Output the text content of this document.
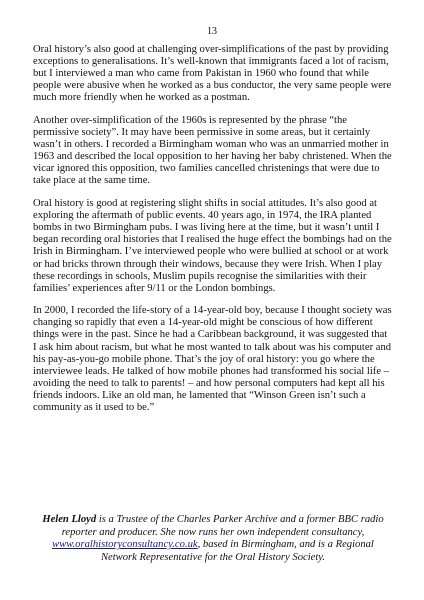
13

Oral history’s also good at challenging over-simplifications of the past by providing exceptions to generalisations. It’s well-known that immigrants faced a lot of racism, but I interviewed a man who came from Pakistan in 1960 who found that while people were abusive when he worked as a bus conductor, the very same people were much more friendly when he worked as a postman.

Another over-simplification of the 1960s is represented by the phrase “the permissive society”. It may have been permissive in some areas, but it certainly wasn’t in others. I recorded a Birmingham woman who was an unmarried mother in 1963 and described the local opposition to her having her baby christened. When the vicar ignored this opposition, two families cancelled christenings that were due to take place at the same time.

Oral history is good at registering slight shifts in social attitudes. It’s also good at exploring the aftermath of public events. 40 years ago, in 1974, the IRA planted bombs in two Birmingham pubs. I was living here at the time, but it wasn’t until I began recording oral histories that I realised the huge effect the bombings had on the Irish in Birmingham. I’ve interviewed people who were bullied at school or at work or had bricks thrown through their windows, because they were Irish. When I play these recordings in schools, Muslim pupils recognise the similarities with their families’ experiences after 9/11 or the London bombings.

In 2000, I recorded the life-story of a 14-year-old boy, because I thought society was changing so rapidly that even a 14-year-old might be conscious of how different things were in the past. Since he had a Caribbean background, it was suggested that I ask him about racism, but what he most wanted to talk about was his computer and his pay-as-you-go mobile phone. That’s the joy of oral history: you go where the interviewee leads. He talked of how mobile phones had transformed his social life – avoiding the need to talk to parents! – and how personal computers had kept all his friends indoors. Like an old man, he lamented that “Winson Green isn’t such a community as it used to be.”

Helen Lloyd is a Trustee of the Charles Parker Archive and a former BBC radio reporter and producer. She now runs her own independent consultancy, www.oralhistoryconsultancy.co.uk, based in Birmingham, and is a Regional Network Representative for the Oral History Society.
